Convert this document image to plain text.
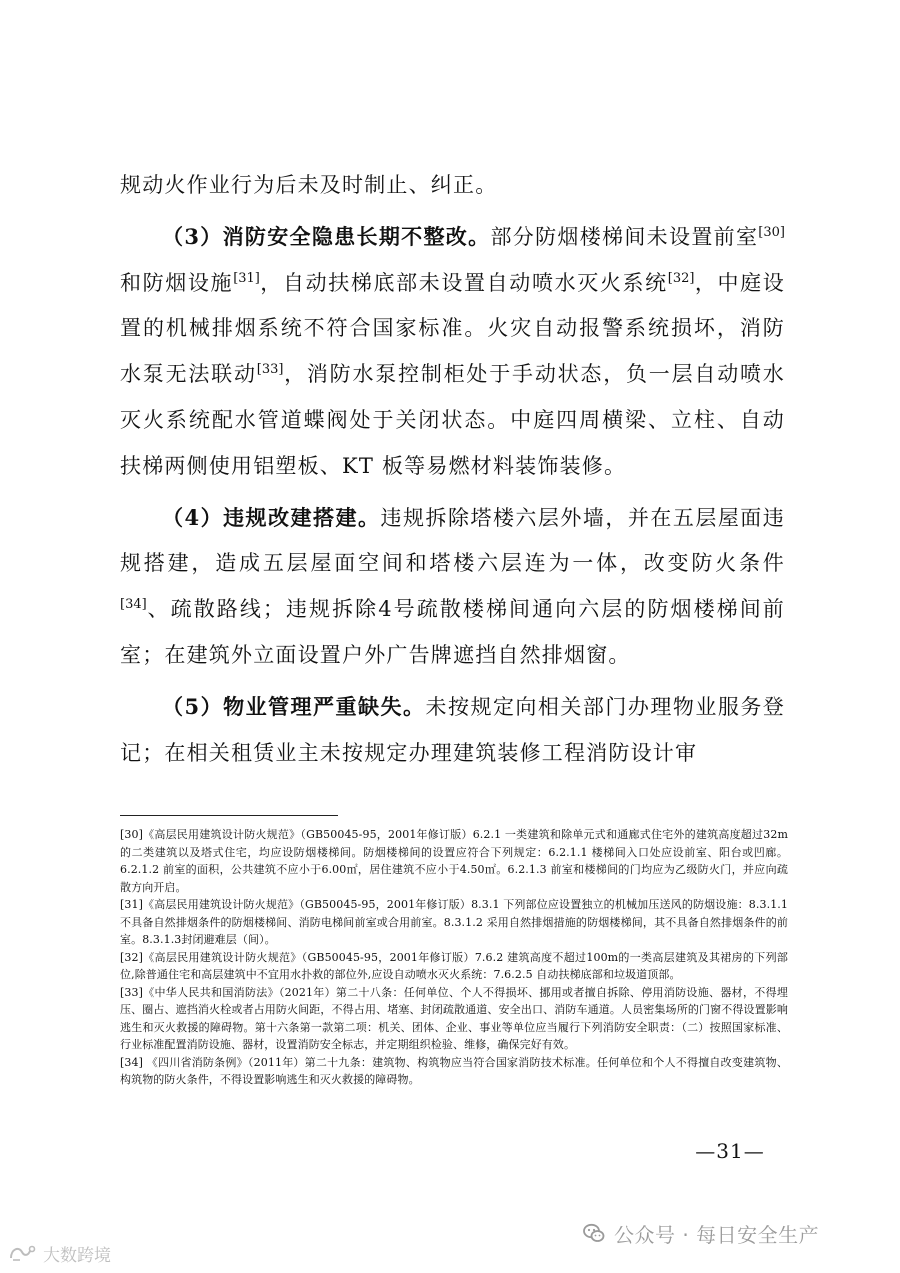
规动火作业行为后未及时制止、纠正。

（3）消防安全隐患长期不整改。部分防烟楼梯间未设置前室[30]和防烟设施[31]，自动扶梯底部未设置自动喷水灭火系统[32]，中庭设置的机械排烟系统不符合国家标准。火灾自动报警系统损坏，消防水泵无法联动[33]，消防水泵控制柜处于手动状态，负一层自动喷水灭火系统配水管道蝶阀处于关闭状态。中庭四周横梁、立柱、自动扶梯两侧使用铝塑板、KT 板等易燃材料装饰装修。

（4）违规改建搭建。违规拆除塔楼六层外墙，并在五层屋面违规搭建，造成五层屋面空间和塔楼六层连为一体，改变防火条件[34]、疏散路线；违规拆除4号疏散楼梯间通向六层的防烟楼梯间前室；在建筑外立面设置户外广告牌遮挡自然排烟窗。

（5）物业管理严重缺失。未按规定向相关部门办理物业服务登记；在相关租赁业主未按规定办理建筑装修工程消防设计审

[30]《高层民用建筑设计防火规范》（GB50045-95，2001年修订版）6.2.1 一类建筑和除单元式和通廊式住宅外的建筑高度超过32m的二类建筑以及塔式住宅，均应设防烟楼梯间。防烟楼梯间的设置应符合下列规定：6.2.1.1 楼梯间入口处应设前室、阳台或凹廊。6.2.1.2 前室的面积，公共建筑不应小于6.00㎡，居住建筑不应小于4.50㎡。6.2.1.3 前室和楼梯间的门均应为乙级防火门，并应向疏散方向开启。

[31]《高层民用建筑设计防火规范》（GB50045-95，2001年修订版）8.3.1 下列部位应设置独立的机械加压送风的防烟设施：8.3.1.1 不具备自然排烟条件的防烟楼梯间、消防电梯间前室或合用前室。8.3.1.2 采用自然排烟措施的防烟楼梯间，其不具备自然排烟条件的前室。8.3.1.3封闭避难层（间）。

[32]《高层民用建筑设计防火规范》（GB50045-95，2001年修订版）7.6.2 建筑高度不超过100m的一类高层建筑及其裙房的下列部位,除普通住宅和高层建筑中不宜用水扑救的部位外,应设自动喷水灭火系统：7.6.2.5 自动扶梯底部和垃圾道顶部。

[33]《中华人民共和国消防法》（2021年）第二十八条：任何单位、个人不得损坏、挪用或者擅自拆除、停用消防设施、器材，不得埋压、圈占、遮挡消火栓或者占用防火间距，不得占用、堵塞、封闭疏散通道、安全出口、消防车通道。人员密集场所的门窗不得设置影响逃生和灭火救援的障碍物。第十六条第一款第二项：机关、团体、企业、事业等单位应当履行下列消防安全职责：（二）按照国家标准、行业标准配置消防设施、器材，设置消防安全标志，并定期组织检验、维修，确保完好有效。

[34] 《四川省消防条例》（2011年）第二十九条：建筑物、构筑物应当符合国家消防技术标准。任何单位和个人不得擅自改变建筑物、构筑物的防火条件，不得设置影响逃生和灭火救援的障碍物。

—31—
公众号 · 每日安全生产
大数跨境
